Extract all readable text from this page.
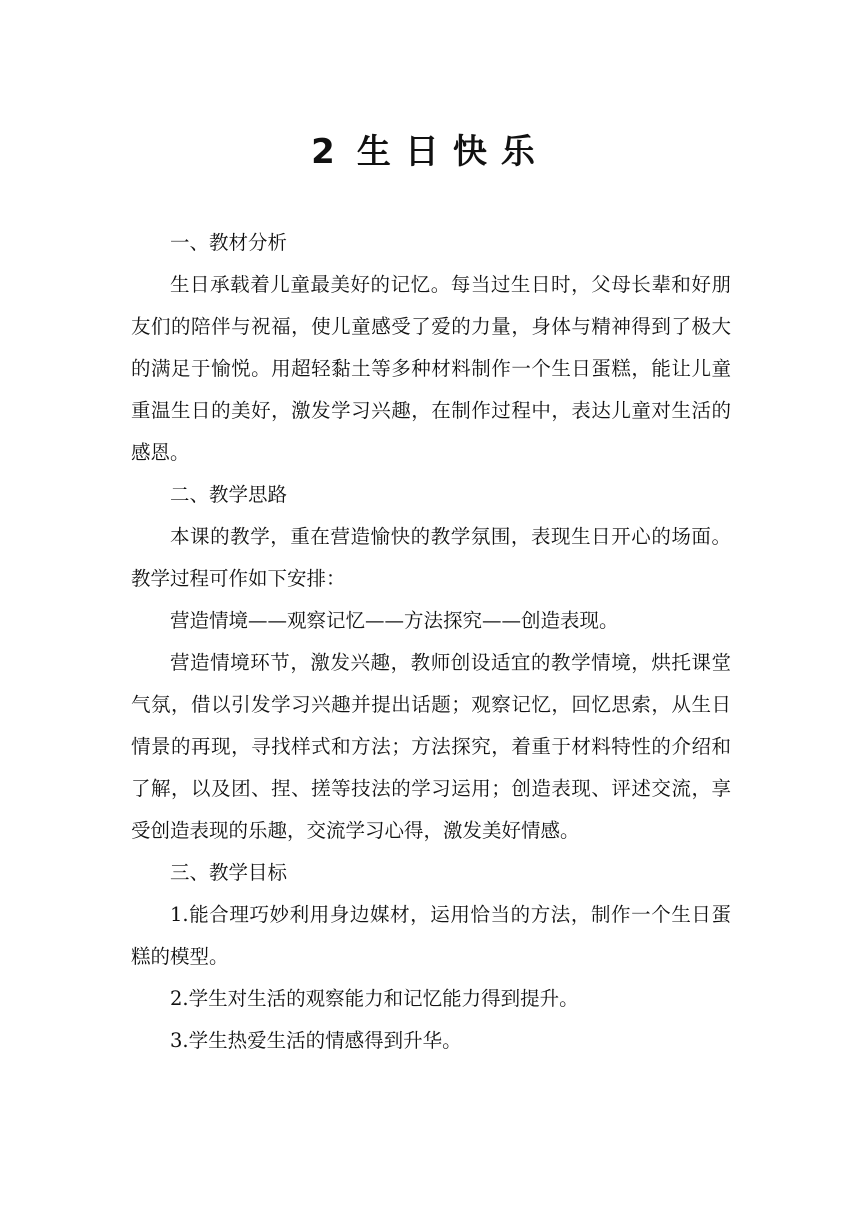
2 生日快乐

一、教材分析

生日承载着儿童最美好的记忆。每当过生日时，父母长辈和好朋友们的陪伴与祝福，使儿童感受了爱的力量，身体与精神得到了极大的满足于愉悦。用超轻黏土等多种材料制作一个生日蛋糕，能让儿童重温生日的美好，激发学习兴趣，在制作过程中，表达儿童对生活的感恩。

二、教学思路

本课的教学，重在营造愉快的教学氛围，表现生日开心的场面。教学过程可作如下安排：

营造情境——观察记忆——方法探究——创造表现。

营造情境环节，激发兴趣，教师创设适宜的教学情境，烘托课堂气氛，借以引发学习兴趣并提出话题；观察记忆，回忆思索，从生日情景的再现，寻找样式和方法；方法探究，着重于材料特性的介绍和了解，以及团、捏、搓等技法的学习运用；创造表现、评述交流，享受创造表现的乐趣，交流学习心得，激发美好情感。

三、教学目标

1.能合理巧妙利用身边媒材，运用恰当的方法，制作一个生日蛋糕的模型。

2.学生对生活的观察能力和记忆能力得到提升。

3.学生热爱生活的情感得到升华。
